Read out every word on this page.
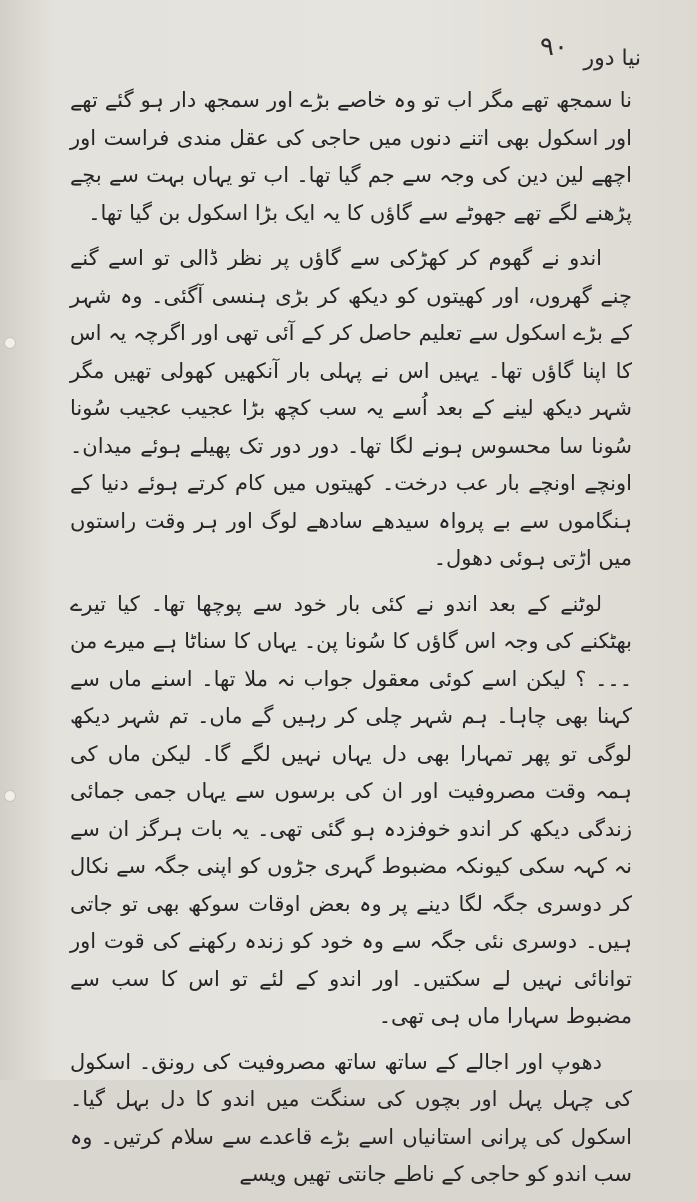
نیا دور
۹۰

نا سمجھ تھے مگر اب تو وہ خاصے بڑے اور سمجھ دار ہو گئے تھے اور اسکول بھی اتنے دنوں میں حاجی کی عقل مندی فراست اور اچھے لین دین کی وجہ سے جم گیا تھا۔ اب تو یہاں بہت سے بچے پڑھنے لگے تھے جھوٹے سے گاؤں کا یہ ایک بڑا اسکول بن گیا تھا۔

اندو نے گھوم کر کھڑکی سے گاؤں پر نظر ڈالی تو اسے گنے چنے گھروں، اور کھیتوں کو دیکھ کر بڑی ہنسی آگئی۔ وہ شہر کے بڑے اسکول سے تعلیم حاصل کر کے آئی تھی اور اگرچہ یہ اس کا اپنا گاؤں تھا۔ یہیں اس نے پہلی بار آنکھیں کھولی تھیں مگر شہر دیکھ لینے کے بعد اُسے یہ سب کچھ بڑا عجیب عجیب سُونا سُونا سا محسوس ہونے لگا تھا۔ دور دور تک پھیلے ہوئے میدان۔ اونچے اونچے بار عب درخت۔ کھیتوں میں کام کرتے ہوئے دنیا کے ہنگاموں سے بے پرواہ سیدھے سادھے لوگ اور ہر وقت راستوں میں اڑتی ہوئی دھول۔

لوٹنے کے بعد اندو نے کئی بار خود سے پوچھا تھا۔ کیا تیرے بھٹکنے کی وجہ اس گاؤں کا سُونا پن۔ یہاں کا سناٹا ہے میرے من ۔۔۔ ؟ لیکن اسے کوئی معقول جواب نہ ملا تھا۔ اسنے ماں سے کہنا بھی چاہا۔ ہم شہر چلی کر رہیں گے ماں۔ تم شہر دیکھ لوگی تو پھر تمہارا بھی دل یہاں نہیں لگے گا۔ لیکن ماں کی ہمہ وقت مصروفیت اور ان کی برسوں سے یہاں جمی جمائی زندگی دیکھ کر اندو خوفزدہ ہو گئی تھی۔ یہ بات ہرگز ان سے نہ کہہ سکی کیونکہ مضبوط گہری جڑوں کو اپنی جگہ سے نکال کر دوسری جگہ لگا دینے پر وہ بعض اوقات سوکھ بھی تو جاتی ہیں۔ دوسری نئی جگہ سے وہ خود کو زندہ رکھنے کی قوت اور توانائی نہیں لے سکتیں۔ اور اندو کے لئے تو اس کا سب سے مضبوط سہارا ماں ہی تھی۔

دھوپ اور اجالے کے ساتھ ساتھ مصروفیت کی رونق۔ اسکول کی چہل پہل اور بچوں کی سنگت میں اندو کا دل بہل گیا۔ اسکول کی پرانی استانیاں اسے بڑے قاعدے سے سلام کرتیں۔ وہ سب اندو کو حاجی کے ناطے جانتی تھیں ویسے
